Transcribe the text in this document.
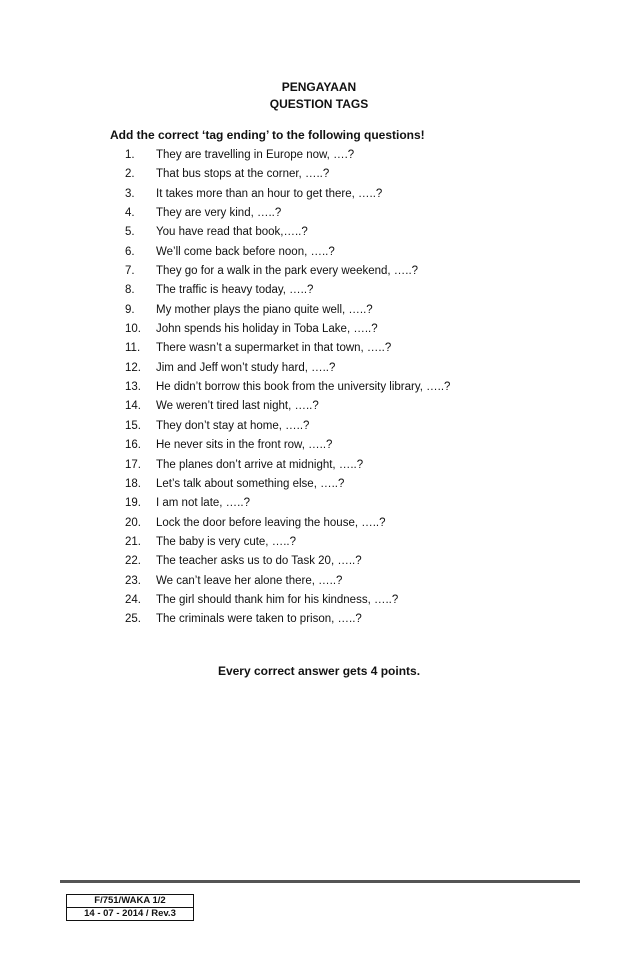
PENGAYAAN
QUESTION TAGS
Add the correct ‘tag ending’ to the following questions!
1. They are travelling in Europe now, ….?
2. That bus stops at the corner, …..?
3. It takes more than an hour to get there, …..?
4. They are very kind, …..?
5. You have read that book,…..?
6. We’ll come back before noon, …..?
7. They go for a walk in the park every weekend, …..?
8. The traffic is heavy today, …..?
9. My mother plays the piano quite well, …..?
10. John spends his holiday in Toba Lake, …..?
11. There wasn’t a supermarket in that town, …..?
12. Jim and Jeff won’t study hard, …..?
13. He didn’t borrow this book from the university library, …..?
14. We weren’t tired last night, …..?
15. They don’t stay at home, …..?
16. He never sits in the front row, …..?
17. The planes don’t arrive at midnight, …..?
18. Let’s talk about something else, …..?
19. I am not late, …..?
20. Lock the door before leaving the house, …..?
21. The baby is very cute, …..?
22. The teacher asks us to do Task 20, …..?
23. We can’t leave her alone there, …..?
24. The girl should thank him for his kindness, …..?
25. The criminals were taken to prison, …..?
Every correct answer gets 4 points.
F/751/WAKA 1/2
14 - 07 - 2014 / Rev.3
